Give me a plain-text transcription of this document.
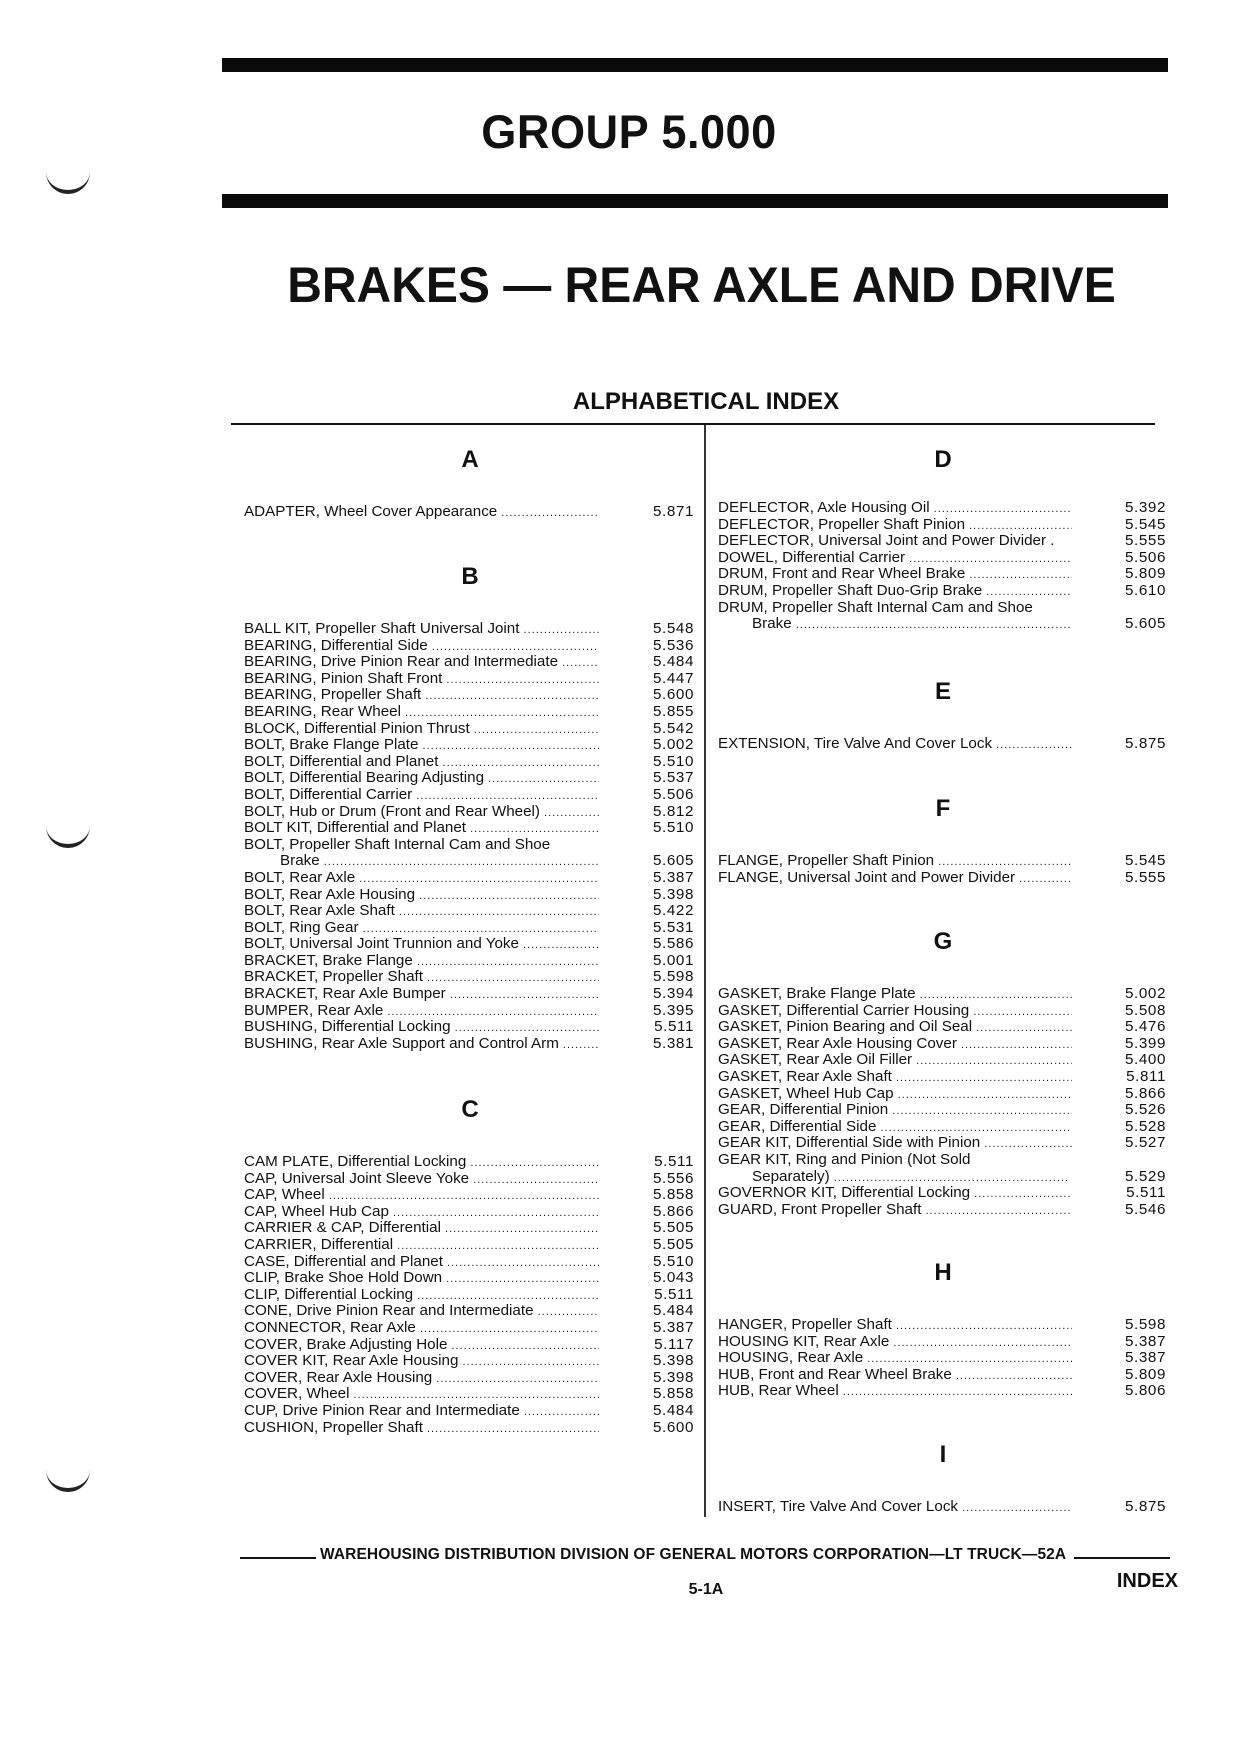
GROUP 5.000
BRAKES — REAR AXLE AND DRIVE
ALPHABETICAL INDEX
A
B
C
D
E
F
G
H
I
ADAPTER, Wheel Cover Appearance .....	5.871
BALL KIT, Propeller Shaft Universal Joint .....	5.548
BEARING, Differential Side .....	5.536
BEARING, Drive Pinion Rear and Intermediate .....	5.484
BEARING, Pinion Shaft Front .....	5.447
BEARING, Propeller Shaft .....	5.600
BEARING, Rear Wheel .....	5.855
BLOCK, Differential Pinion Thrust .....	5.542
BOLT, Brake Flange Plate .....	5.002
BOLT, Differential and Planet .....	5.510
BOLT, Differential Bearing Adjusting .....	5.537
BOLT, Differential Carrier .....	5.506
BOLT, Hub or Drum (Front and Rear Wheel) .....	5.812
BOLT KIT, Differential and Planet .....	5.510
BOLT, Propeller Shaft Internal Cam and Shoe
Brake .....	5.605
BOLT, Rear Axle .....	5.387
BOLT, Rear Axle Housing .....	5.398
BOLT, Rear Axle Shaft .....	5.422
BOLT, Ring Gear .....	5.531
BOLT, Universal Joint Trunnion and Yoke .....	5.586
BRACKET, Brake Flange .....	5.001
BRACKET, Propeller Shaft .....	5.598
BRACKET, Rear Axle Bumper .....	5.394
BUMPER, Rear Axle .....	5.395
BUSHING, Differential Locking .....	5.511
BUSHING, Rear Axle Support and Control Arm .....	5.381
CAM PLATE, Differential Locking .....	5.511
CAP, Universal Joint Sleeve Yoke .....	5.556
CAP, Wheel .....	5.858
CAP, Wheel Hub Cap .....	5.866
CARRIER & CAP, Differential .....	5.505
CARRIER, Differential .....	5.505
CASE, Differential and Planet .....	5.510
CLIP, Brake Shoe Hold Down .....	5.043
CLIP, Differential Locking .....	5.511
CONE, Drive Pinion Rear and Intermediate .....	5.484
CONNECTOR, Rear Axle .....	5.387
COVER, Brake Adjusting Hole .....	5.117
COVER KIT, Rear Axle Housing .....	5.398
COVER, Rear Axle Housing .....	5.398
COVER, Wheel .....	5.858
CUP, Drive Pinion Rear and Intermediate .....	5.484
CUSHION, Propeller Shaft .....	5.600
DEFLECTOR, Axle Housing Oil .....	5.392
DEFLECTOR, Propeller Shaft Pinion .....	5.545
DEFLECTOR, Universal Joint and Power Divider .	5.555
DOWEL, Differential Carrier .....	5.506
DRUM, Front and Rear Wheel Brake .....	5.809
DRUM, Propeller Shaft Duo-Grip Brake .....	5.610
DRUM, Propeller Shaft Internal Cam and Shoe
Brake .....	5.605
EXTENSION, Tire Valve And Cover Lock .....	5.875
FLANGE, Propeller Shaft Pinion .....	5.545
FLANGE, Universal Joint and Power Divider .....	5.555
GASKET, Brake Flange Plate .....	5.002
GASKET, Differential Carrier Housing .....	5.508
GASKET, Pinion Bearing and Oil Seal .....	5.476
GASKET, Rear Axle Housing Cover .....	5.399
GASKET, Rear Axle Oil Filler .....	5.400
GASKET, Rear Axle Shaft .....	5.811
GASKET, Wheel Hub Cap .....	5.866
GEAR, Differential Pinion .....	5.526
GEAR, Differential Side .....	5.528
GEAR KIT, Differential Side with Pinion .....	5.527
GEAR KIT, Ring and Pinion (Not Sold
Separately) .....	5.529
GOVERNOR KIT, Differential Locking .....	5.511
GUARD, Front Propeller Shaft .....	5.546
HANGER, Propeller Shaft .....	5.598
HOUSING KIT, Rear Axle .....	5.387
HOUSING, Rear Axle .....	5.387
HUB, Front and Rear Wheel Brake .....	5.809
HUB, Rear Wheel .....	5.806
INSERT, Tire Valve And Cover Lock .....	5.875
WAREHOUSING DISTRIBUTION DIVISION OF GENERAL MOTORS CORPORATION—LT TRUCK—52A
5-1A	INDEX
